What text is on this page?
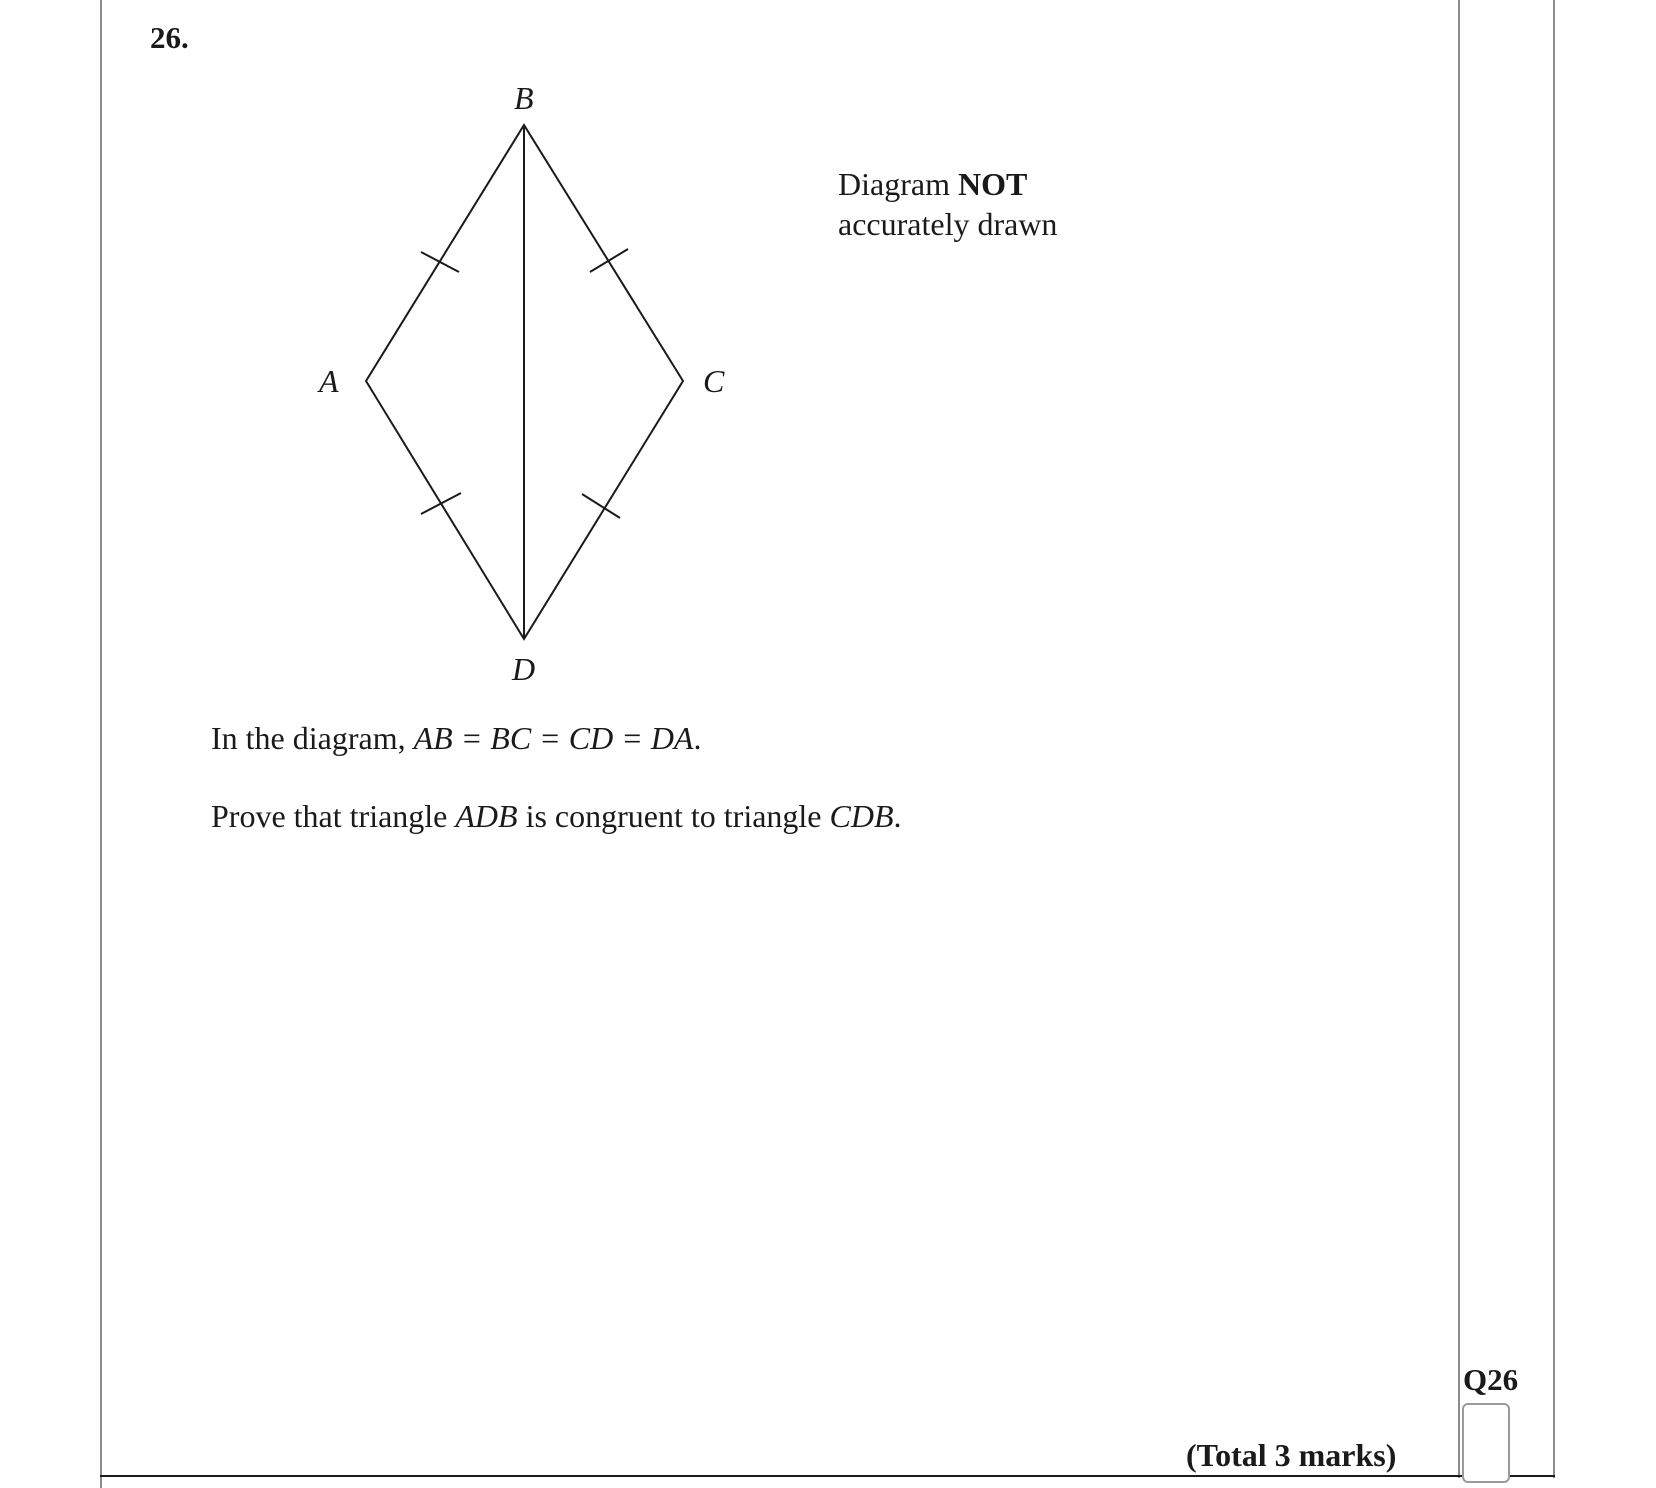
26.
B
A	C
D
Diagram NOT
accurately drawn
In the diagram, AB = BC = CD = DA.
Prove that triangle ADB is congruent to triangle CDB.
Q26
(Total 3 marks)
